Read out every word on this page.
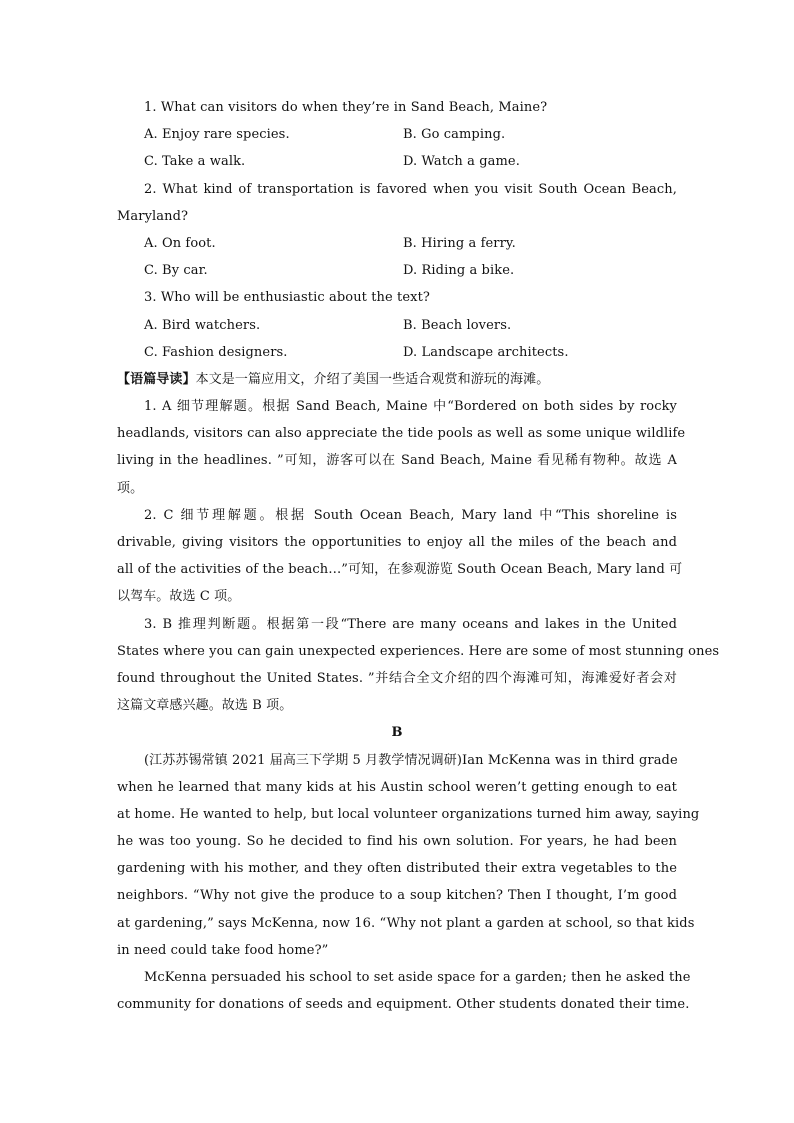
1. What can visitors do when they’re in Sand Beach, Maine?
A. Enjoy rare species.	B. Go camping.
C. Take a walk.	D. Watch a game.
2. What kind of transportation is favored when you visit South Ocean Beach,
Maryland?
A. On foot.	B. Hiring a ferry.
C. By car.	D. Riding a bike.
3. Who will be enthusiastic about the text?
A. Bird watchers.	B. Beach lovers.
C. Fashion designers.	D. Landscape architects.
【语篇导读】本文是一篇应用文，介绍了美国一些适合观赏和游玩的海滩。
1. A 细节理解题。根据 Sand Beach, Maine 中“Bordered on both sides by rocky
headlands, visitors can also appreciate the tide pools as well as some unique wildlife
living in the headlines. ”可知，游客可以在 Sand Beach, Maine 看见稀有物种。故选 A
项。
2. C 细节理解题。根据 South Ocean Beach, Mary land 中“This shoreline is
drivable, giving visitors the opportunities to enjoy all the miles of the beach and
all of the activities of the beach…”可知，在参观游览 South Ocean Beach, Mary land 可
以驾车。故选 C 项。
3. B 推理判断题。根据第一段“There are many oceans and lakes in the United
States where you can gain unexpected experiences. Here are some of most stunning ones
found throughout the United States. ”并结合全文介绍的四个海滩可知，海滩爱好者会对
这篇文章感兴趣。故选 B 项。
B
(江苏苏锡常镇 2021 届高三下学期 5 月教学情况调研)Ian McKenna was in third grade
when he learned that many kids at his Austin school weren’t getting enough to eat
at home. He wanted to help, but local volunteer organizations turned him away, saying
he was too young. So he decided to find his own solution. For years, he had been
gardening with his mother, and they often distributed their extra vegetables to the
neighbors. “Why not give the produce to a soup kitchen? Then I thought, I’m good
at gardening,” says McKenna, now 16. “Why not plant a garden at school, so that kids
in need could take food home?”
McKenna persuaded his school to set aside space for a garden; then he asked the
community for donations of seeds and equipment. Other students donated their time.
